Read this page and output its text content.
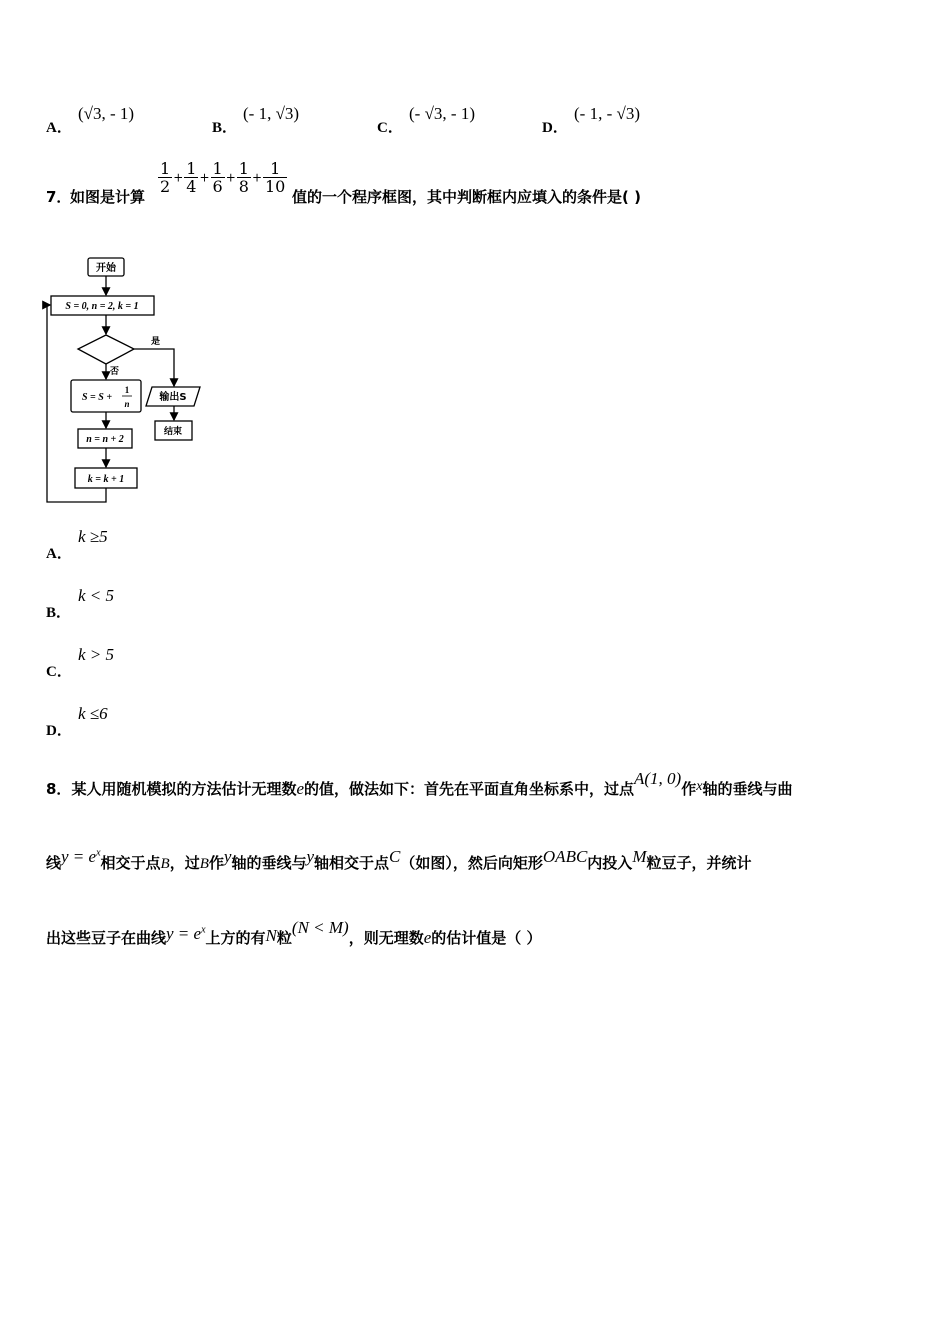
A．
(√3, - 1)
B．
(- 1, √3)
C．
(- √3, - 1)
D．
(- 1, - √3)
7．
如图是计算
$\frac{1}{2} + \frac{1}{4} + \frac{1}{6} + \frac{1}{8} + \frac{1}{10}$
值的一个程序框图，其中判断框内应填入的条件是( )
开始
S = 0, n = 2, k = 1
是
否
S = S +
1
n
输出S
结束
n = n + 2
k = k + 1
A．
k ≥5
B．
k < 5
C．
k > 5
D．
k ≤6
8．某人用随机模拟的方法估计无理数e的值，做法如下：首先在平面直角坐标系中，过点A(1, 0)作x轴的垂线与曲
线$y = e^x$相交于点B，过B作y轴的垂线与y轴相交于点C（如图），然后向矩形OABC内投入M粒豆子，并统计
出这些豆子在曲线$y = e^x$上方的有N粒(N < M)，则无理数e的估计值是（ ）
